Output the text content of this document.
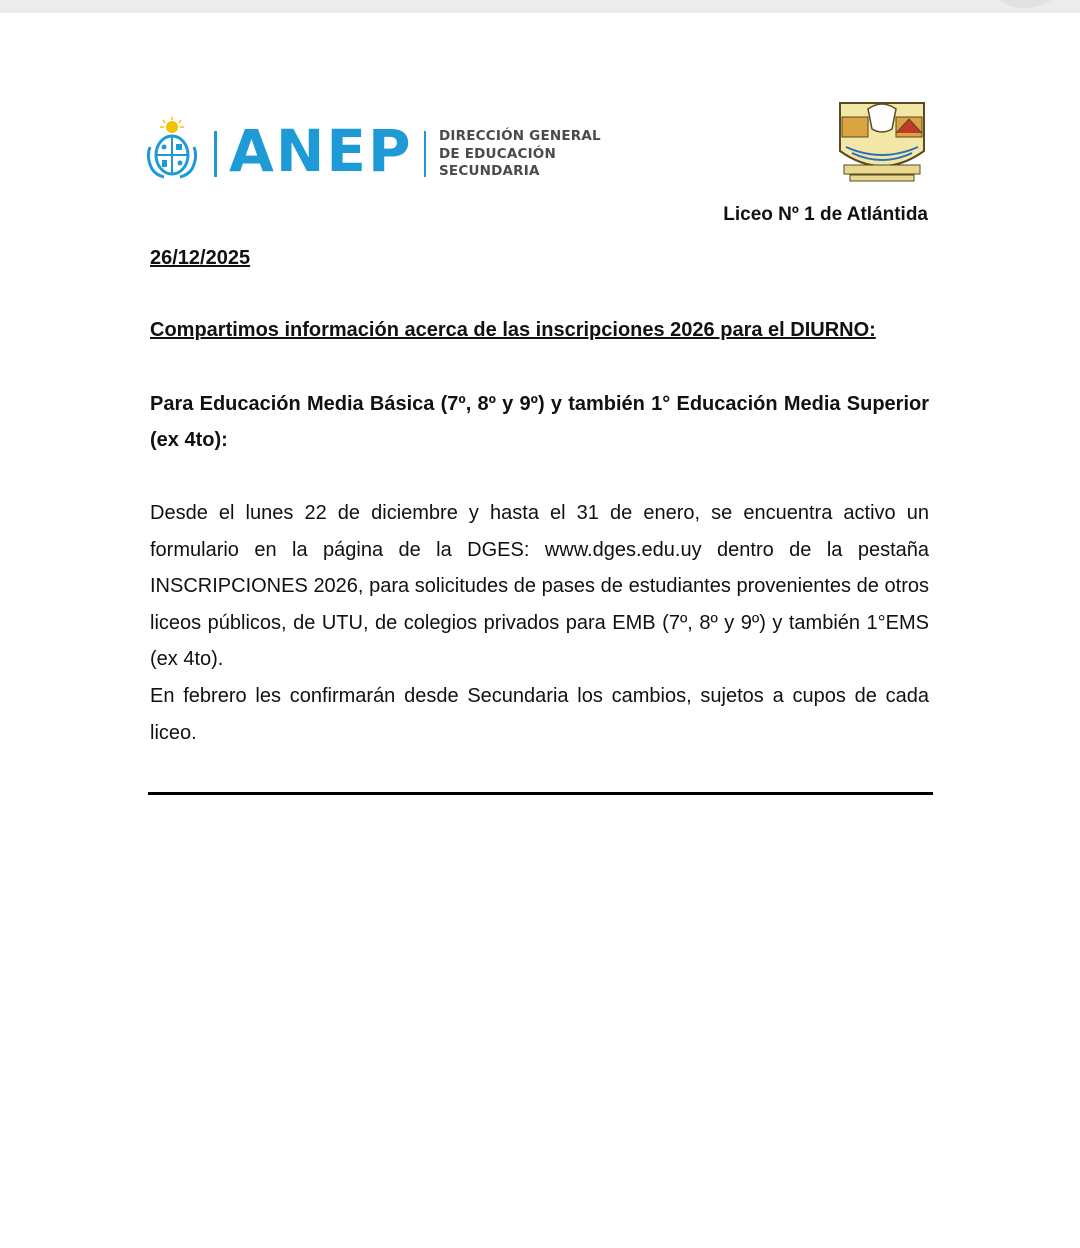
ANEP DIRECCIÓN GENERAL
DE EDUCACIÓN
SECUNDARIA
Liceo Nº 1 de Atlántida
26/12/2025
Compartimos información acerca de las inscripciones 2026 para el DIURNO:
Para Educación Media Básica (7º, 8º y 9º) y también 1° Educación Media Superior (ex 4to):
Desde el lunes 22 de diciembre y hasta el 31 de enero, se encuentra activo un formulario en la página de la DGES: www.dges.edu.uy dentro de la pestaña INSCRIPCIONES 2026, para solicitudes de pases de estudiantes provenientes de otros liceos públicos, de UTU, de colegios privados para EMB (7º, 8º y 9º) y también 1°EMS (ex 4to).
En febrero les confirmarán desde Secundaria los cambios, sujetos a cupos de cada liceo.
